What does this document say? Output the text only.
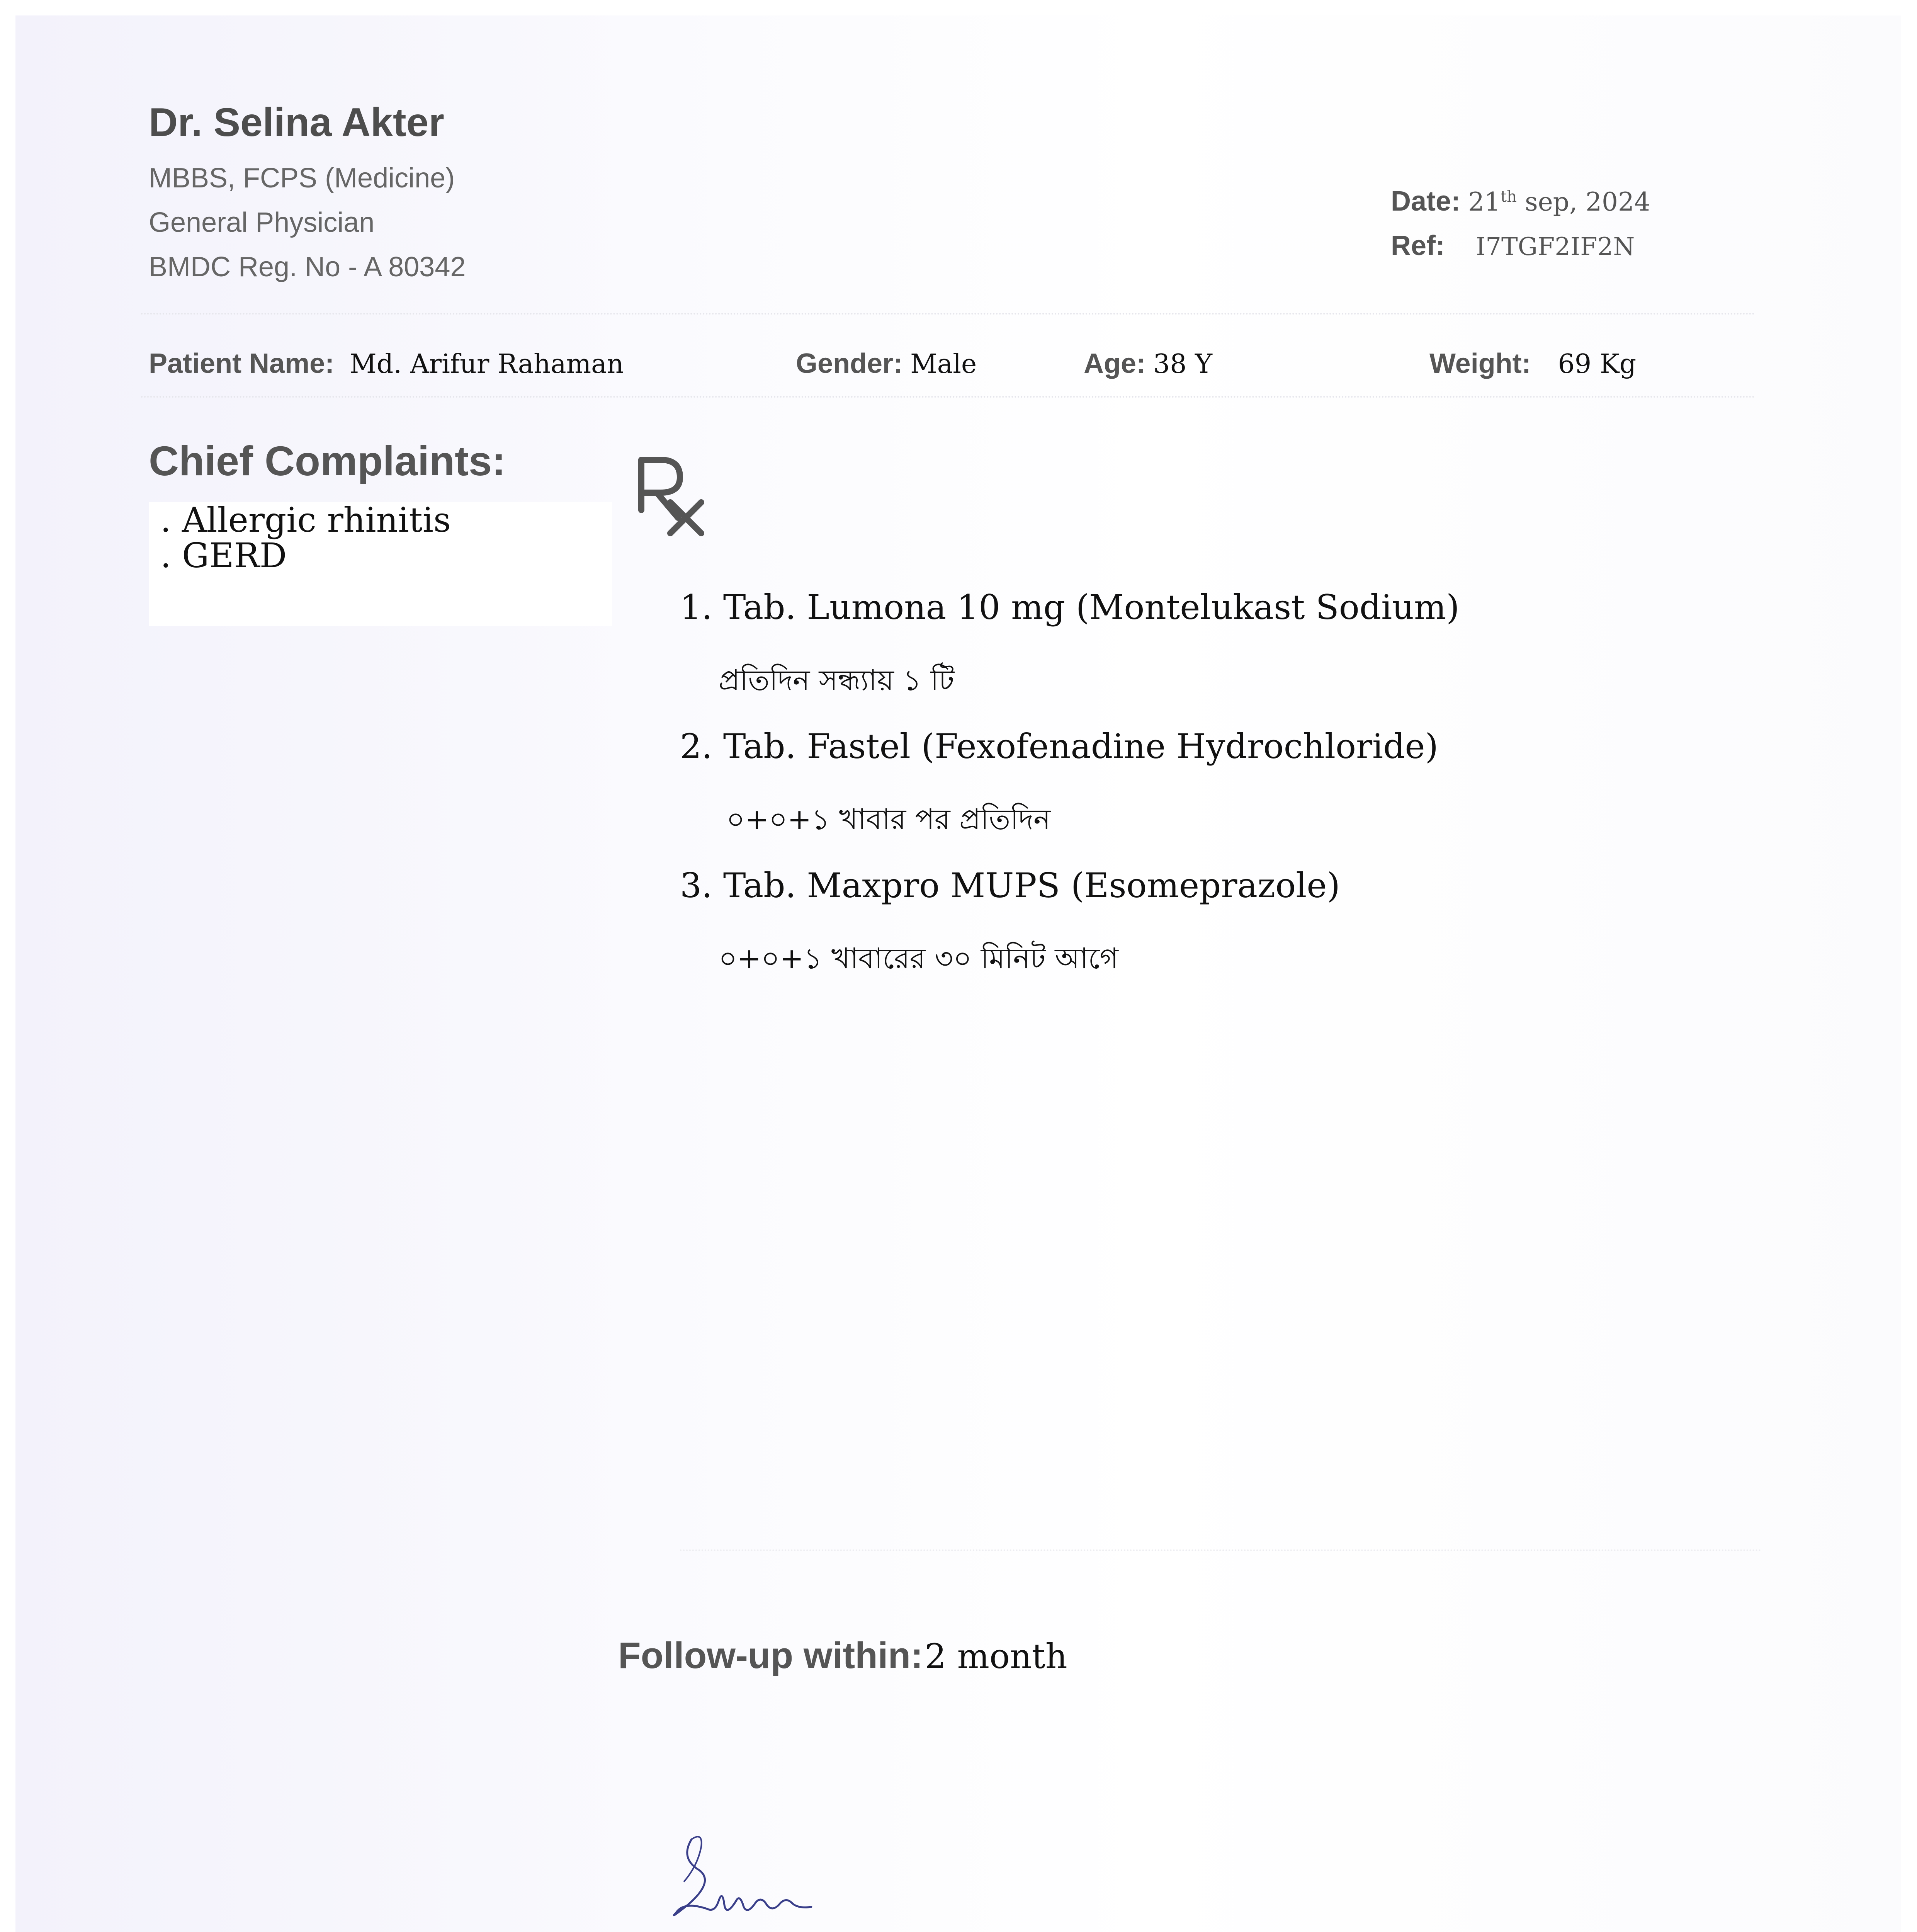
Dr. Selina Akter
MBBS, FCPS (Medicine)
General Physician
BMDC Reg. No - A 80342
Date: 21th sep, 2024
Ref: I7TGF2IF2N
Patient Name: Md. Arifur Rahaman	Gender: Male	Age: 38 Y	Weight: 69 Kg
Chief Complaints:
. Allergic rhinitis
. GERD
1. Tab. Lumona 10 mg (Montelukast Sodium)
প্রতিদিন সন্ধ্যায় ১ টি
2. Tab. Fastel (Fexofenadine Hydrochloride)
০+০+১ খাবার পর প্রতিদিন
3. Tab. Maxpro MUPS (Esomeprazole)
০+০+১ খাবারের ৩০ মিনিট আগে
Follow-up within: 2 month
